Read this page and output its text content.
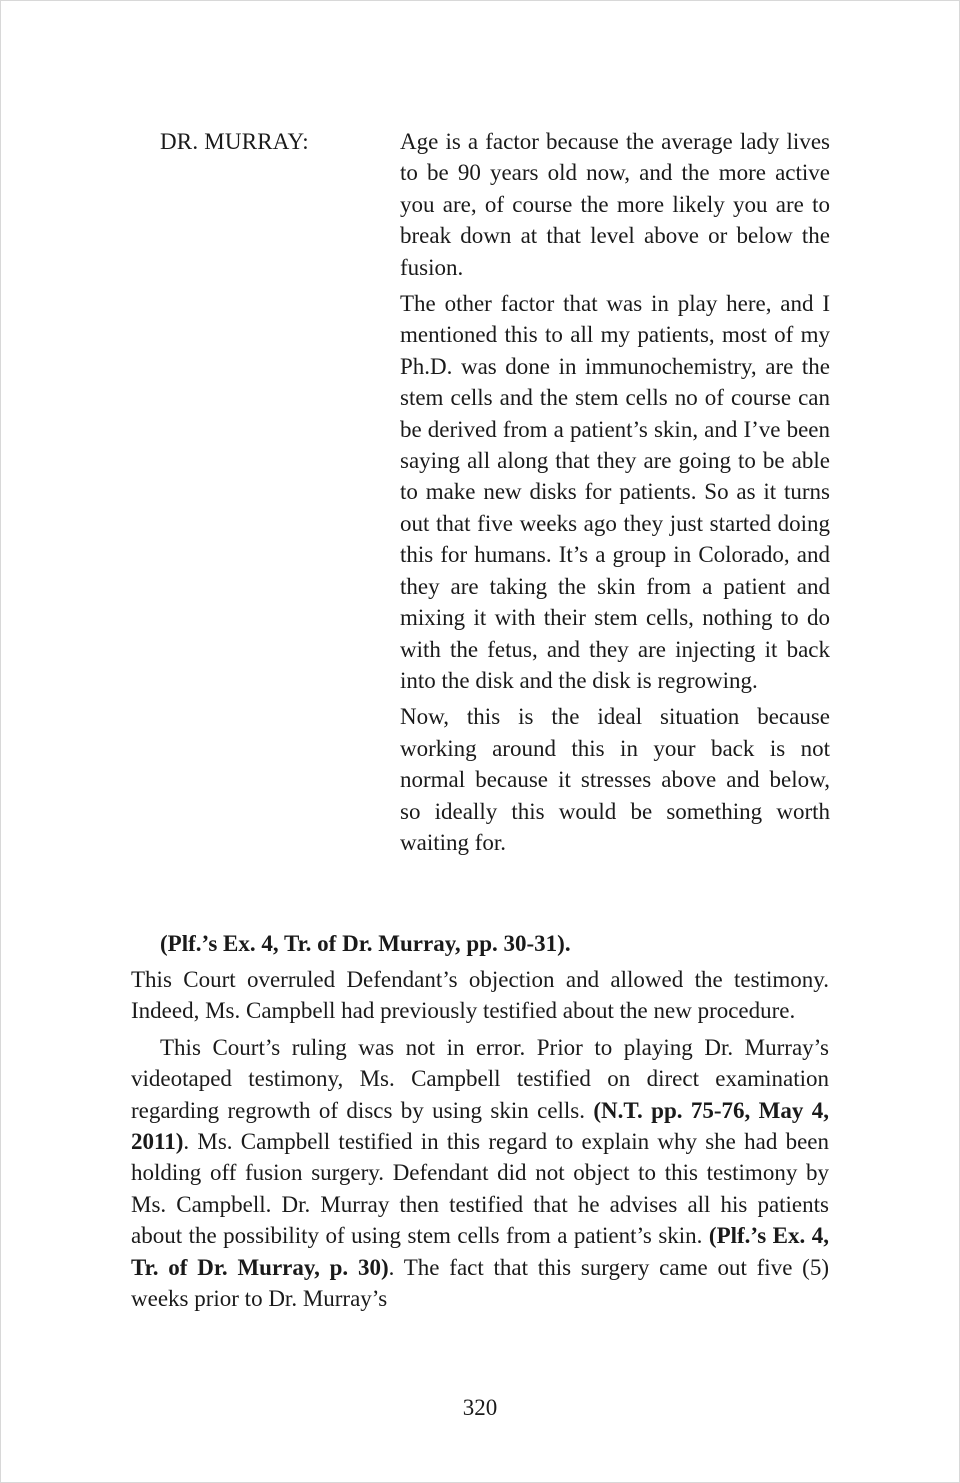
DR. MURRAY:	Age is a factor because the average lady lives to be 90 years old now, and the more active you are, of course the more likely you are to break down at that level above or below the fusion.

The other factor that was in play here, and I mentioned this to all my patients, most of my Ph.D. was done in immunochemistry, are the stem cells and the stem cells no of course can be derived from a patient’s skin, and I’ve been saying all along that they are going to be able to make new disks for patients. So as it turns out that five weeks ago they just started doing this for humans. It’s a group in Colorado, and they are taking the skin from a patient and mixing it with their stem cells, nothing to do with the fetus, and they are injecting it back into the disk and the disk is regrowing.

Now, this is the ideal situation because working around this in your back is not normal because it stresses above and below, so ideally this would be something worth waiting for.

(Plf.’s Ex. 4, Tr. of Dr. Murray, pp. 30-31).

This Court overruled Defendant’s objection and allowed the testimony. Indeed, Ms. Campbell had previously testified about the new procedure.

This Court’s ruling was not in error. Prior to playing Dr. Murray’s videotaped testimony, Ms. Campbell testified on direct examination regarding regrowth of discs by using skin cells. (N.T. pp. 75-76, May 4, 2011). Ms. Campbell testified in this regard to explain why she had been holding off fusion surgery. Defendant did not object to this testimony by Ms. Campbell. Dr. Murray then testified that he advises all his patients about the possibility of using stem cells from a patient’s skin. (Plf.’s Ex. 4, Tr. of Dr. Murray, p. 30). The fact that this surgery came out five (5) weeks prior to Dr. Murray’s

320
